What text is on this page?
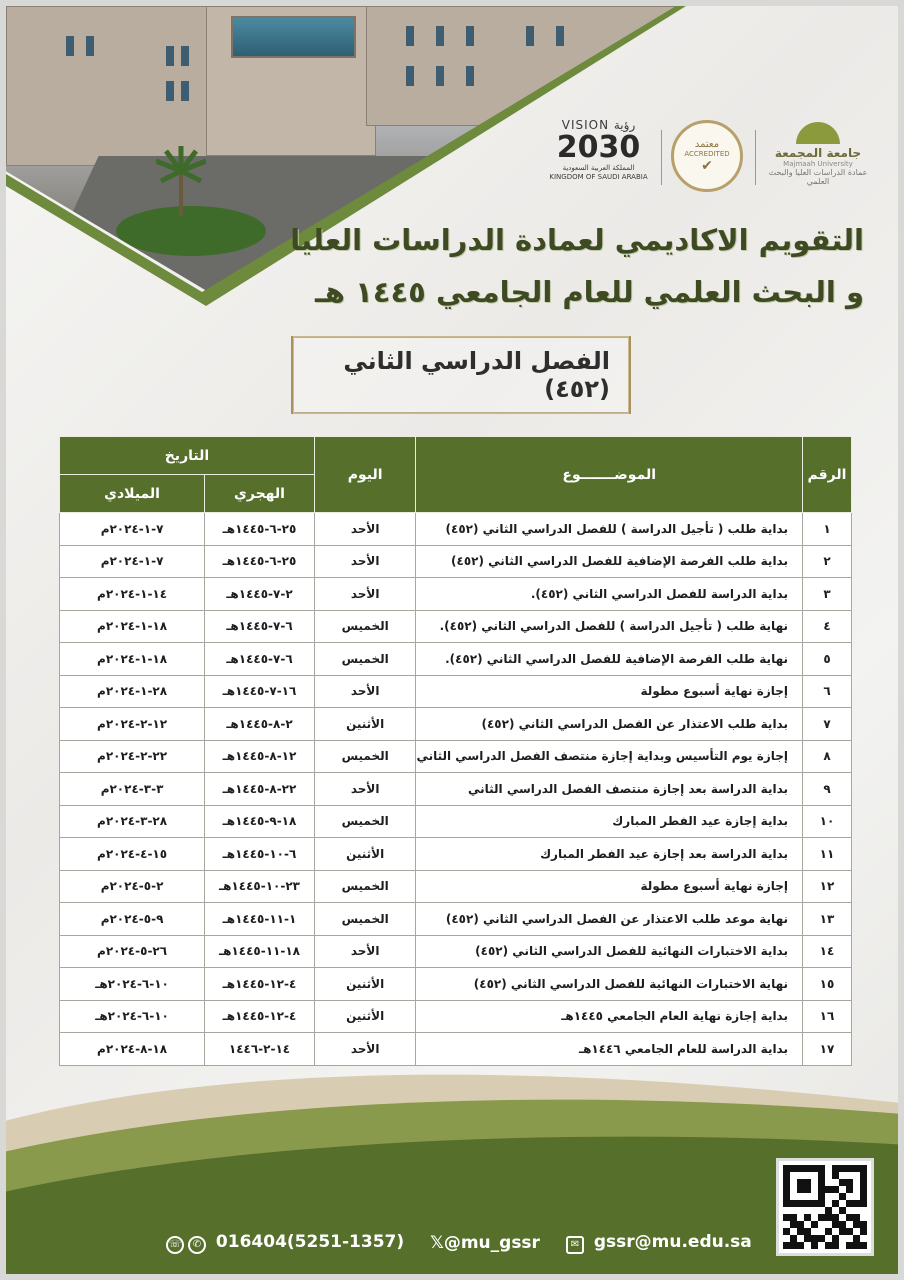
VISION رؤية
2030
المملكة العربية السعودية
KINGDOM OF SAUDI ARABIA
معتمد
ACCREDITED
✔
جامعة المجمعة
Majmaah University
عمادة الدراسات العليا والبحث العلمي
التقويم الاكاديمي لعمادة الدراسات العليا
و البحث العلمي للعام الجامعي ١٤٤٥ هـ
الفصل الدراسي الثاني (٤٥٢)
الرقم	الموضـــــــوع	اليوم	التاريخ	
			الهجري	الميلادي
١	بداية طلب ( تأجيل الدراسة ) للفصل الدراسي الثاني (٤٥٢)	الأحد	٢٥-٦-١٤٤٥هـ	٧-١-٢٠٢٤م
٢	بداية طلب الفرصة الإضافية للفصل الدراسي الثاني (٤٥٢)	الأحد	٢٥-٦-١٤٤٥هـ	٧-١-٢٠٢٤م
٣	بداية الدراسة للفصل الدراسي الثاني (٤٥٢).	الأحد	٢-٧-١٤٤٥هـ	١٤-١-٢٠٢٤م
٤	نهاية طلب ( تأجيل الدراسة ) للفصل الدراسي الثاني (٤٥٢).	الخميس	٦-٧-١٤٤٥هـ	١٨-١-٢٠٢٤م
٥	نهاية طلب الفرصة الإضافية للفصل الدراسي الثاني (٤٥٢).	الخميس	٦-٧-١٤٤٥هـ	١٨-١-٢٠٢٤م
٦	إجازة نهاية أسبوع مطولة	الأحد	١٦-٧-١٤٤٥هـ	٢٨-١-٢٠٢٤م
٧	بداية طلب الاعتذار عن الفصل الدراسي الثاني (٤٥٢)	الأثنين	٢-٨-١٤٤٥هـ	١٢-٢-٢٠٢٤م
٨	إجازة يوم التأسيس وبداية إجازة منتصف الفصل الدراسي الثاني	الخميس	١٢-٨-١٤٤٥هـ	٢٢-٢-٢٠٢٤م
٩	بداية الدراسة بعد إجازة منتصف الفصل الدراسي الثاني	الأحد	٢٢-٨-١٤٤٥هـ	٣-٣-٢٠٢٤م
١٠	بداية إجازة عيد الفطر المبارك	الخميس	١٨-٩-١٤٤٥هـ	٢٨-٣-٢٠٢٤م
١١	بداية الدراسة بعد إجازة عيد الفطر المبارك	الأثنين	٦-١٠-١٤٤٥هـ	١٥-٤-٢٠٢٤م
١٢	إجازة نهاية أسبوع مطولة	الخميس	٢٣-١٠-١٤٤٥هـ	٢-٥-٢٠٢٤م
١٣	نهاية موعد طلب الاعتذار عن الفصل الدراسي الثاني (٤٥٢)	الخميس	١-١١-١٤٤٥هـ	٩-٥-٢٠٢٤م
١٤	بداية الاختبارات النهائية للفصل الدراسي الثاني (٤٥٢)	الأحد	١٨-١١-١٤٤٥هـ	٢٦-٥-٢٠٢٤م
١٥	نهاية الاختبارات النهائية للفصل الدراسي الثاني (٤٥٢)	الأثنين	٤-١٢-١٤٤٥هـ	١٠-٦-٢٠٢٤هـ
١٦	بداية إجازة نهاية العام الجامعي ١٤٤٥هـ	الأثنين	٤-١٢-١٤٤٥هـ	١٠-٦-٢٠٢٤هـ
١٧	بداية الدراسة للعام الجامعي ١٤٤٦هـ	الأحد	١٤-٢-١٤٤٦	١٨-٨-٢٠٢٤م
☏ ✆ 016404(5251-1357) 𝕏@mu_gssr	✉ gssr@mu.edu.sa
